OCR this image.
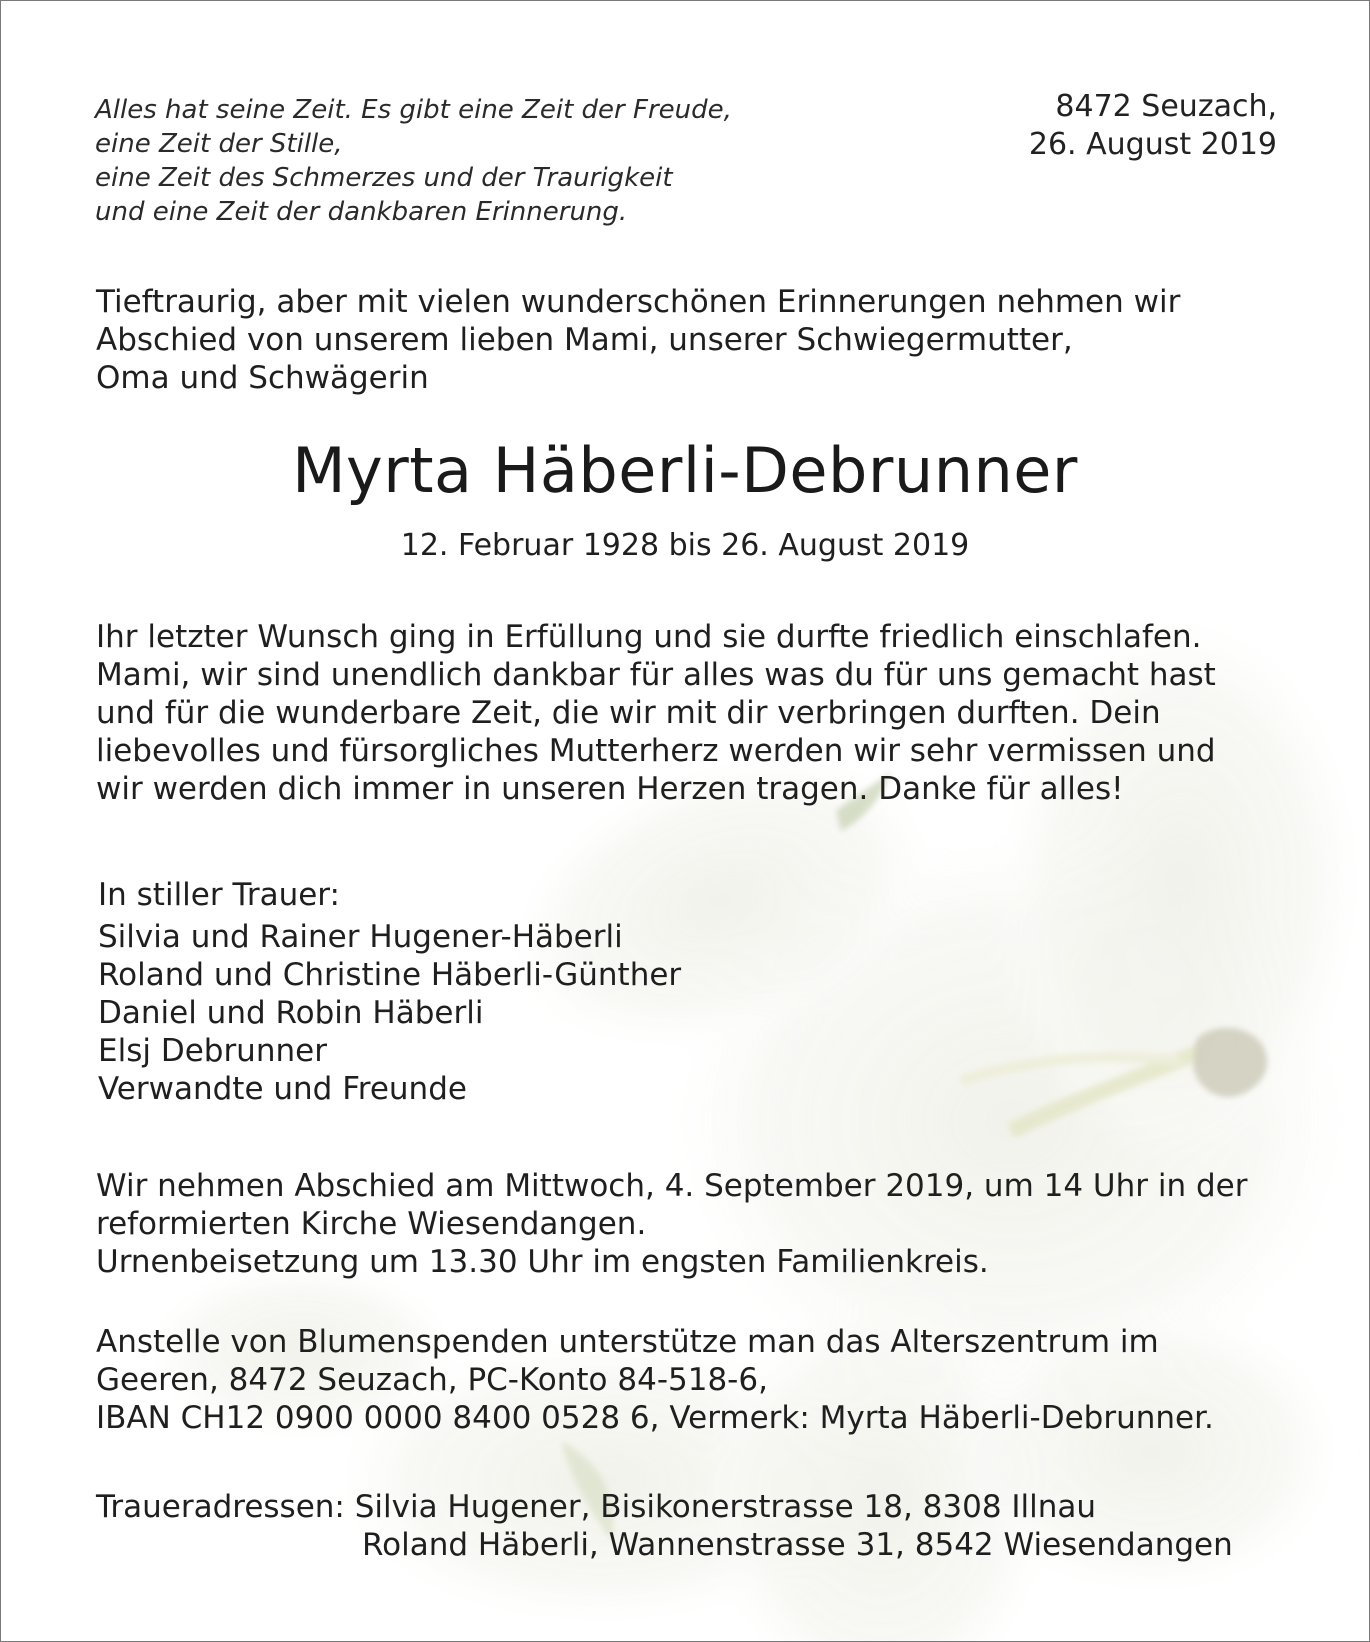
Alles hat seine Zeit. Es gibt eine Zeit der Freude,
eine Zeit der Stille,
eine Zeit des Schmerzes und der Traurigkeit
und eine Zeit der dankbaren Erinnerung.
8472 Seuzach,
26. August 2019
Tieftraurig, aber mit vielen wunderschönen Erinnerungen nehmen wir
Abschied von unserem lieben Mami, unserer Schwiegermutter,
Oma und Schwägerin
Myrta Häberli-Debrunner
12. Februar 1928 bis 26. August 2019
Ihr letzter Wunsch ging in Erfüllung und sie durfte friedlich einschlafen.
Mami, wir sind unendlich dankbar für alles was du für uns gemacht hast
und für die wunderbare Zeit, die wir mit dir verbringen durften. Dein
liebevolles und fürsorgliches Mutterherz werden wir sehr vermissen und
wir werden dich immer in unseren Herzen tragen. Danke für alles!
In stiller Trauer:
Silvia und Rainer Hugener-Häberli
Roland und Christine Häberli-Günther
Daniel und Robin Häberli
Elsj Debrunner
Verwandte und Freunde
Wir nehmen Abschied am Mittwoch, 4. September 2019, um 14 Uhr in der
reformierten Kirche Wiesendangen.
Urnenbeisetzung um 13.30 Uhr im engsten Familienkreis.
Anstelle von Blumenspenden unterstütze man das Alterszentrum im
Geeren, 8472 Seuzach, PC-Konto 84-518-6,
IBAN CH12 0900 0000 8400 0528 6, Vermerk: Myrta Häberli-Debrunner.
Traueradressen: Silvia Hugener, Bisikonerstrasse 18, 8308 Illnau
Roland Häberli, Wannenstrasse 31, 8542 Wiesendangen
